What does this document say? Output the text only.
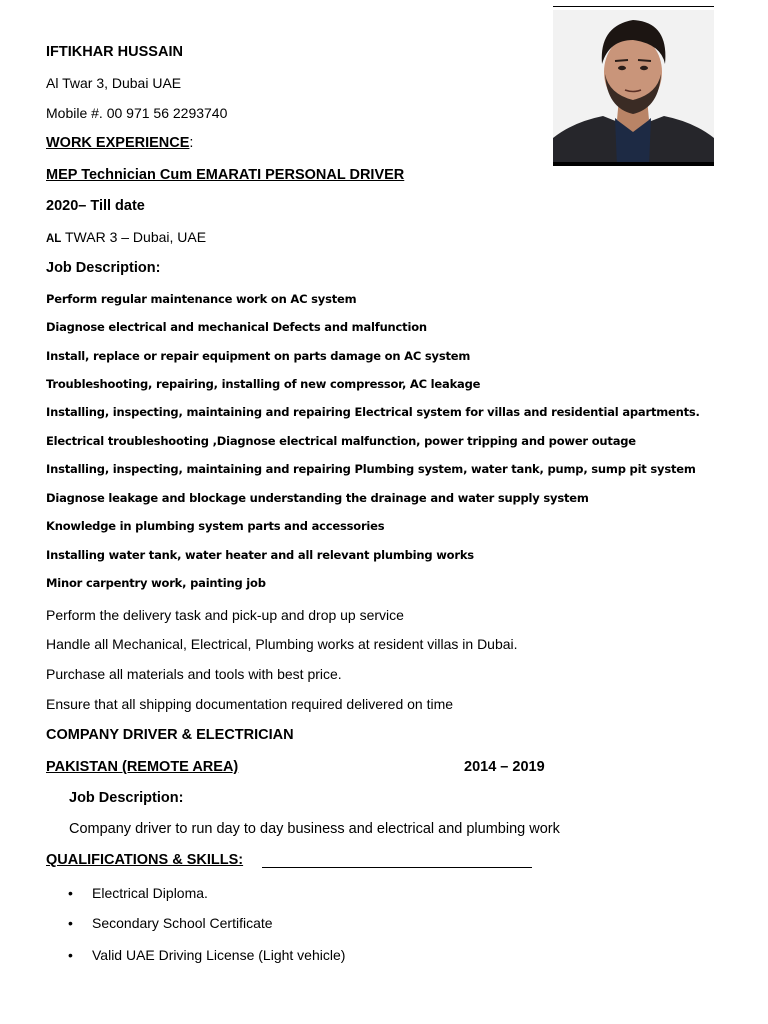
IFTIKHAR HUSSAIN
Al Twar 3, Dubai UAE
Mobile #. 00 971 56 2293740
WORK EXPERIENCE:
MEP Technician Cum EMARATI PERSONAL DRIVER
2020– Till date
AL TWAR 3 – Dubai, UAE
Job Description:
Perform regular maintenance work on AC system
Diagnose electrical and mechanical Defects and malfunction
Install, replace or repair equipment on parts damage on AC system
Troubleshooting, repairing, installing of new compressor, AC leakage
Installing, inspecting, maintaining and repairing Electrical system for villas and residential apartments.
Electrical troubleshooting ,Diagnose electrical malfunction, power tripping and power outage
Installing, inspecting, maintaining and repairing Plumbing system, water tank, pump, sump pit system
Diagnose leakage and blockage understanding the drainage and water supply system
Knowledge in plumbing system parts and accessories
Installing water tank, water heater and all relevant plumbing works
Minor carpentry work, painting job
Perform the delivery task and pick-up and drop up service
Handle all Mechanical, Electrical, Plumbing works at resident villas in Dubai.
Purchase all materials and tools with best price.
Ensure that all shipping documentation required delivered on time
COMPANY DRIVER & ELECTRICIAN
PAKISTAN (REMOTE AREA)	2014 – 2019
Job Description:
Company driver to run day to day business and electrical and plumbing work
QUALIFICATIONS & SKILLS:
• Electrical Diploma.
• Secondary School Certificate
• Valid UAE Driving License (Light vehicle)
